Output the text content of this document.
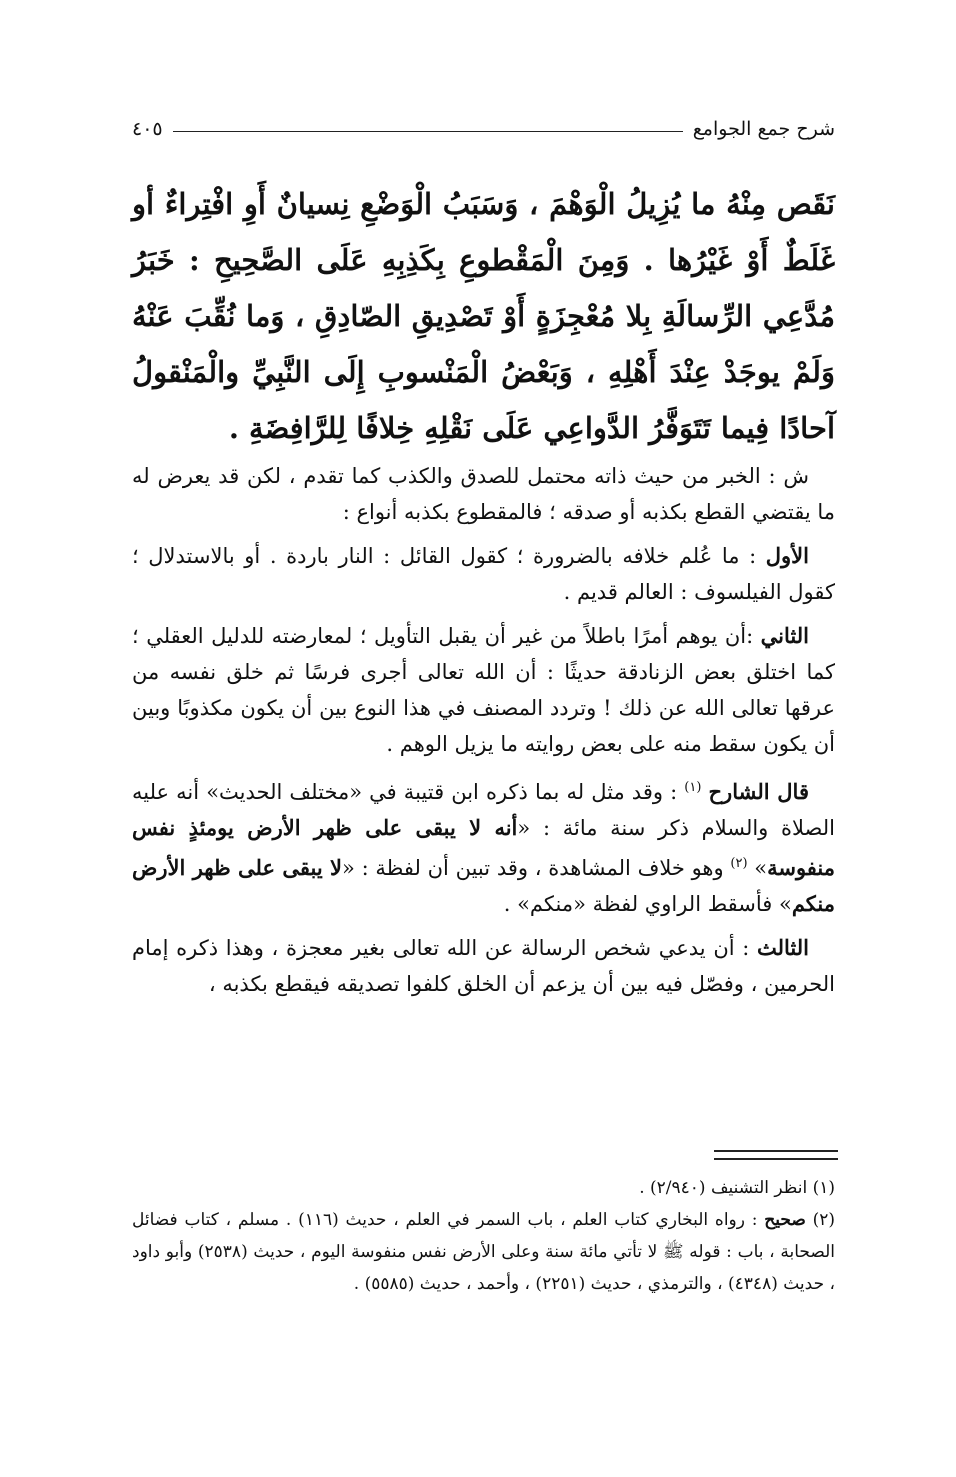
شرح جمع الجوامع
٤٠٥
نَقَص مِنْهُ ما يُزِيلُ الْوَهْمَ ، وَسَبَبُ الْوَضْعِ نِسيانٌ أَوِ افْتِراءٌ أو غَلَطٌ أَوْ غَيْرُها . وَمِنَ الْمَقْطوعِ بِكَذِبِهِ عَلَى الصَّحِيحِ : خَبَرُ مُدَّعِي الرِّسالَةِ بِلا مُعْجِزَةٍ أَوْ تَصْدِيقِ الصّادِقِ ، وَما نُقِّبَ عَنْهُ وَلَمْ يوجَدْ عِنْدَ أَهْلِهِ ، وَبَعْضُ الْمَنْسوبِ إِلَى النَّبِيِّ والْمَنْقولُ آحادًا فِيما تَتَوَفَّرُ الدَّواعِي عَلَى نَقْلِهِ خِلافًا لِلرَّافِضَةِ .

ش : الخبر من حيث ذاته محتمل للصدق والكذب كما تقدم ، لكن قد يعرض له ما يقتضي القطع بكذبه أو صدقه ؛ فالمقطوع بكذبه أنواع :

الأول : ما عُلم خلافه بالضرورة ؛ كقول القائل : النار باردة . أو بالاستدلال ؛ كقول الفيلسوف : العالم قديم .

الثاني :أن يوهم أمرًا باطلاً من غير أن يقبل التأويل ؛ لمعارضته للدليل العقلي ؛ كما اختلق بعض الزنادقة حديثًا : أن الله تعالى أجرى فرسًا ثم خلق نفسه من عرقها تعالى الله عن ذلك ! وتردد المصنف في هذا النوع بين أن يكون مكذوبًا وبين أن يكون سقط منه على بعض روايته ما يزيل الوهم .

قال الشارح $^{(١)}$ : وقد مثل له بما ذكره ابن قتيبة في «مختلف الحديث» أنه عليه الصلاة والسلام ذكر سنة مائة : «أنه لا يبقى على ظهر الأرض يومئذٍ نفس منفوسة» $^{(٢)}$ وهو خلاف المشاهدة ، وقد تبين أن لفظة : «لا يبقى على ظهر الأرض منكم» فأسقط الراوي لفظة «منكم» .

الثالث : أن يدعي شخص الرسالة عن الله تعالى بغير معجزة ، وهذا ذكره إمام الحرمين ، وفصّل فيه بين أن يزعم أن الخلق كلفوا تصديقه فيقطع بكذبه ،

(١) انظر التشنيف (٢/٩٤٠) .

(٢) صحيح : رواه البخاري كتاب العلم ، باب السمر في العلم ، حديث (١١٦) . مسلم ، كتاب فضائل الصحابة ، باب : قوله ﷺ لا تأتي مائة سنة وعلى الأرض نفس منفوسة اليوم ، حديث (٢٥٣٨) وأبو داود ، حديث (٤٣٤٨) ، والترمذي ، حديث (٢٢٥١) ، وأحمد ، حديث (٥٥٨٥) .
